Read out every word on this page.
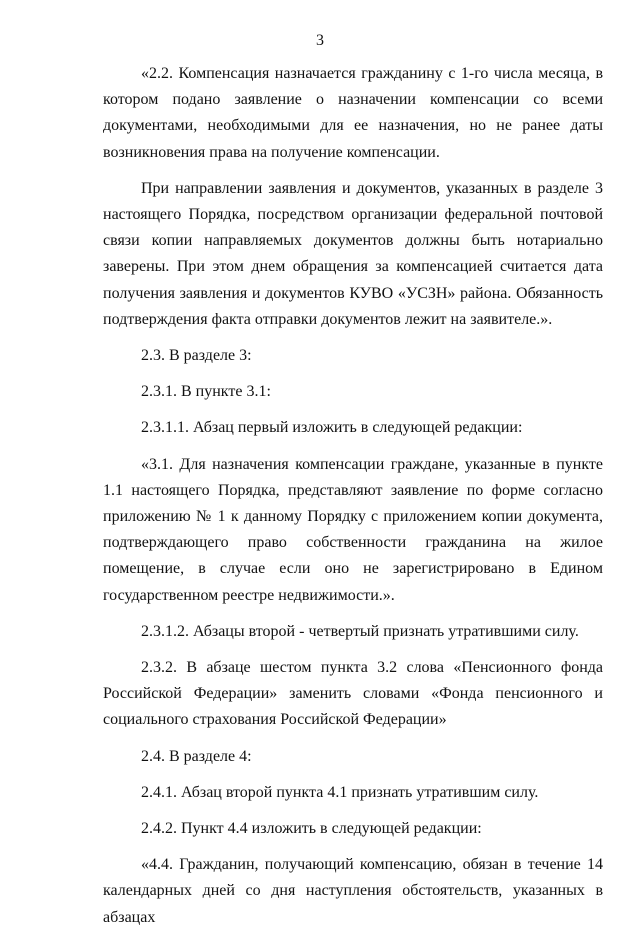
3

«2.2. Компенсация назначается гражданину с 1-го числа месяца, в котором подано заявление о назначении компенсации со всеми документами, необходимыми для ее назначения, но не ранее даты возникновения права на получение компенсации.

При направлении заявления и документов, указанных в разделе 3 настоящего Порядка, посредством организации федеральной почтовой связи копии направляемых документов должны быть нотариально заверены. При этом днем обращения за компенсацией считается дата получения заявления и документов КУВО «УСЗН» района. Обязанность подтверждения факта отправки документов лежит на заявителе.».

2.3. В разделе 3:

2.3.1. В пункте 3.1:

2.3.1.1. Абзац первый изложить в следующей редакции:

«3.1. Для назначения компенсации граждане, указанные в пункте 1.1 настоящего Порядка, представляют заявление по форме согласно приложению № 1 к данному Порядку с приложением копии документа, подтверждающего право собственности гражданина на жилое помещение, в случае если оно не зарегистрировано в Едином государственном реестре недвижимости.».

2.3.1.2. Абзацы второй - четвертый признать утратившими силу.

2.3.2. В абзаце шестом пункта 3.2 слова «Пенсионного фонда Российской Федерации» заменить словами «Фонда пенсионного и социального страхования Российской Федерации»

2.4. В разделе 4:

2.4.1. Абзац второй пункта 4.1 признать утратившим силу.

2.4.2. Пункт 4.4 изложить в следующей редакции:

«4.4. Гражданин, получающий компенсацию, обязан в течение 14 календарных дней со дня наступления обстоятельств, указанных в абзацах
